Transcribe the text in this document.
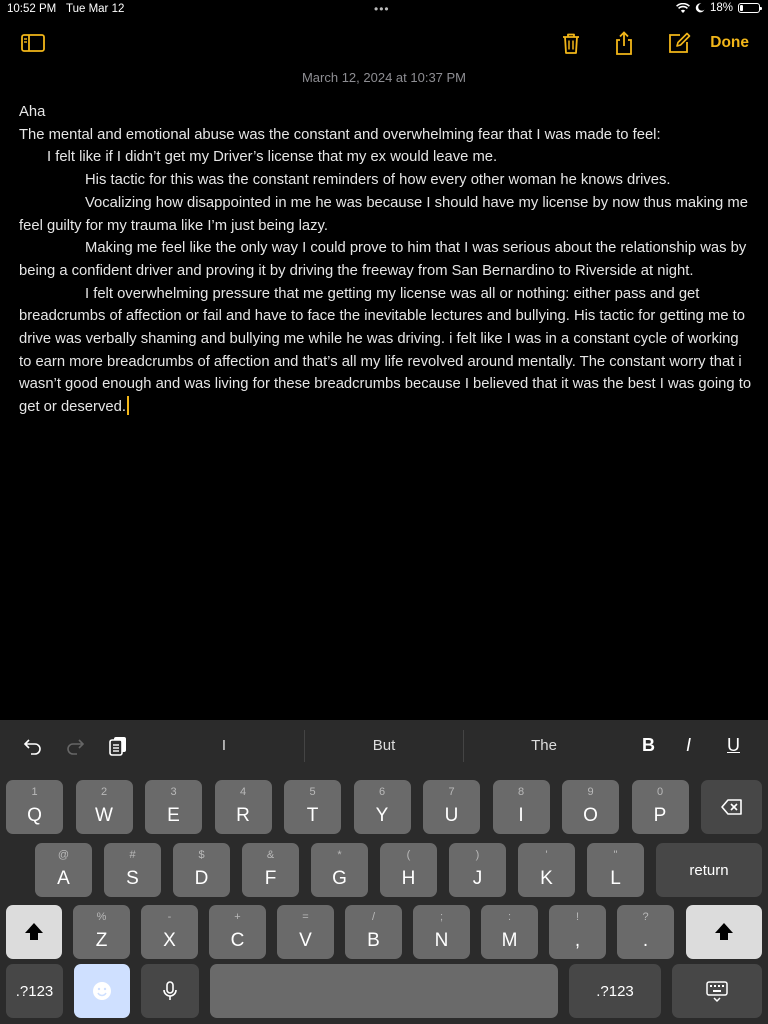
10:52 PM Tue Mar 12	•••	18%
Done
March 12, 2024 at 10:37 PM

Aha

The mental and emotional abuse was the constant and overwhelming fear that I was made to feel:

I felt like if I didn’t get my Driver’s license that my ex would leave me.

His tactic for this was the constant reminders of how every other woman he knows drives.

Vocalizing how disappointed in me he was because I should have my license by now thus making me feel guilty for my trauma like I’m just being lazy.

Making me feel like the only way I could prove to him that I was serious about the relationship was by being a confident driver and proving it by driving the freeway from San Bernardino to Riverside at night.

I felt overwhelming pressure that me getting my license was all or nothing: either pass and get breadcrumbs of affection or fail and have to face the inevitable lectures and bullying. His tactic for getting me to drive was verbally shaming and bullying me while he was driving. i felt like I was in a constant cycle of working to earn more breadcrumbs of affection and that’s all my life revolved around mentally. The constant worry that i wasn’t good enough and was living for these breadcrumbs because I believed that it was the best I was going to get or deserved.

I	But	The	B I U
1
Q
2
W
3
E
4
R
5
T
6
Y
7
U
8
I
9
O
0
P
@
A
#
S
$
D
&
F
*
G
(
H
)
J
'
K
"
L	return
%
Z
-
X
+
C
=
V
/
B
;
N
:
M
!
,
?
.
.?123	.?123
